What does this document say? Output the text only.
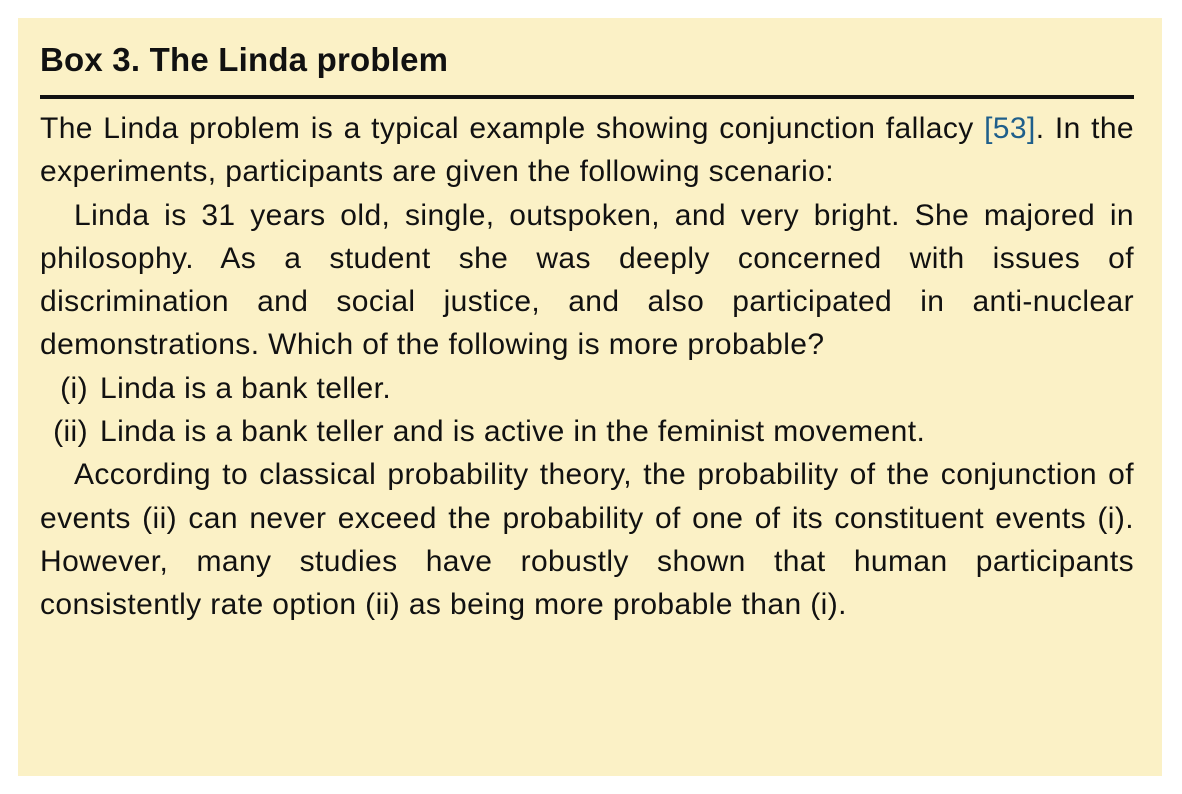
Box 3. The Linda problem

The Linda problem is a typical example showing conjunction fallacy [53]. In the experiments, participants are given the following scenario:

Linda is 31 years old, single, outspoken, and very bright. She majored in philosophy. As a student she was deeply concerned with issues of discrimination and social justice, and also participated in anti-nuclear demonstrations. Which of the following is more probable?

(i) Linda is a bank teller.
(ii) Linda is a bank teller and is active in the feminist movement.

According to classical probability theory, the probability of the conjunction of events (ii) can never exceed the probability of one of its constituent events (i). However, many studies have robustly shown that human participants consistently rate option (ii) as being more probable than (i).
